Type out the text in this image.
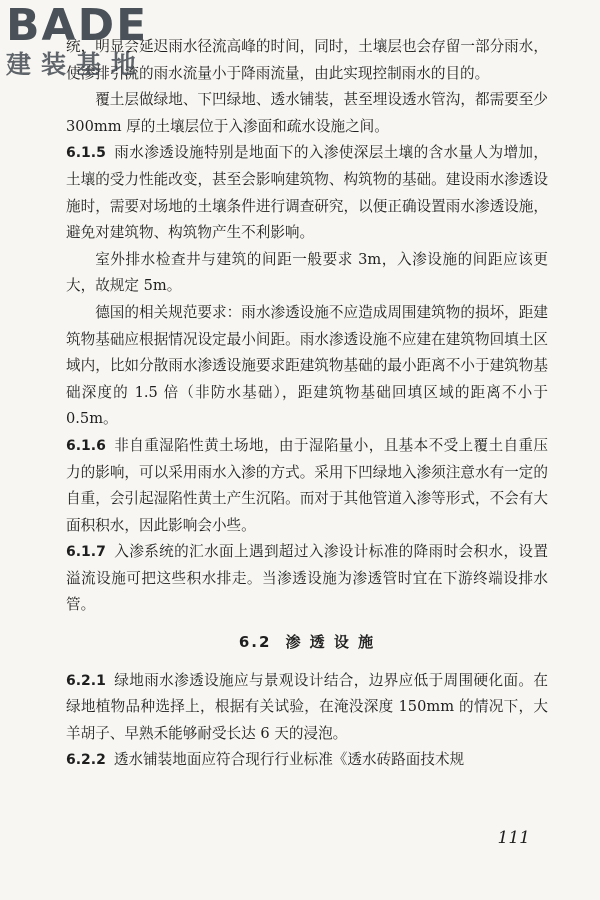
BADE
建装基地

统，明显会延迟雨水径流高峰的时间，同时，土壤层也会存留一部分雨水，使渗排引流的雨水流量小于降雨流量，由此实现控制雨水的目的。

覆土层做绿地、下凹绿地、透水铺装，甚至埋设透水管沟，都需要至少 300mm 厚的土壤层位于入渗面和疏水设施之间。

6.1.5 雨水渗透设施特别是地面下的入渗使深层土壤的含水量人为增加，土壤的受力性能改变，甚至会影响建筑物、构筑物的基础。建设雨水渗透设施时，需要对场地的土壤条件进行调查研究，以便正确设置雨水渗透设施，避免对建筑物、构筑物产生不利影响。

室外排水检查井与建筑的间距一般要求 3m，入渗设施的间距应该更大，故规定 5m。

德国的相关规范要求：雨水渗透设施不应造成周围建筑物的损坏，距建筑物基础应根据情况设定最小间距。雨水渗透设施不应建在建筑物回填土区域内，比如分散雨水渗透设施要求距建筑物基础的最小距离不小于建筑物基础深度的 1.5 倍（非防水基础），距建筑物基础回填区域的距离不小于 0.5m。

6.1.6 非自重湿陷性黄土场地，由于湿陷量小，且基本不受上覆土自重压力的影响，可以采用雨水入渗的方式。采用下凹绿地入渗须注意水有一定的自重，会引起湿陷性黄土产生沉陷。而对于其他管道入渗等形式，不会有大面积积水，因此影响会小些。

6.1.7 入渗系统的汇水面上遇到超过入渗设计标准的降雨时会积水，设置溢流设施可把这些积水排走。当渗透设施为渗透管时宜在下游终端设排水管。

6.2 渗 透 设 施

6.2.1 绿地雨水渗透设施应与景观设计结合，边界应低于周围硬化面。在绿地植物品种选择上，根据有关试验，在淹没深度 150mm 的情况下，大羊胡子、早熟禾能够耐受长达 6 天的浸泡。

6.2.2 透水铺装地面应符合现行行业标准《透水砖路面技术规

111
